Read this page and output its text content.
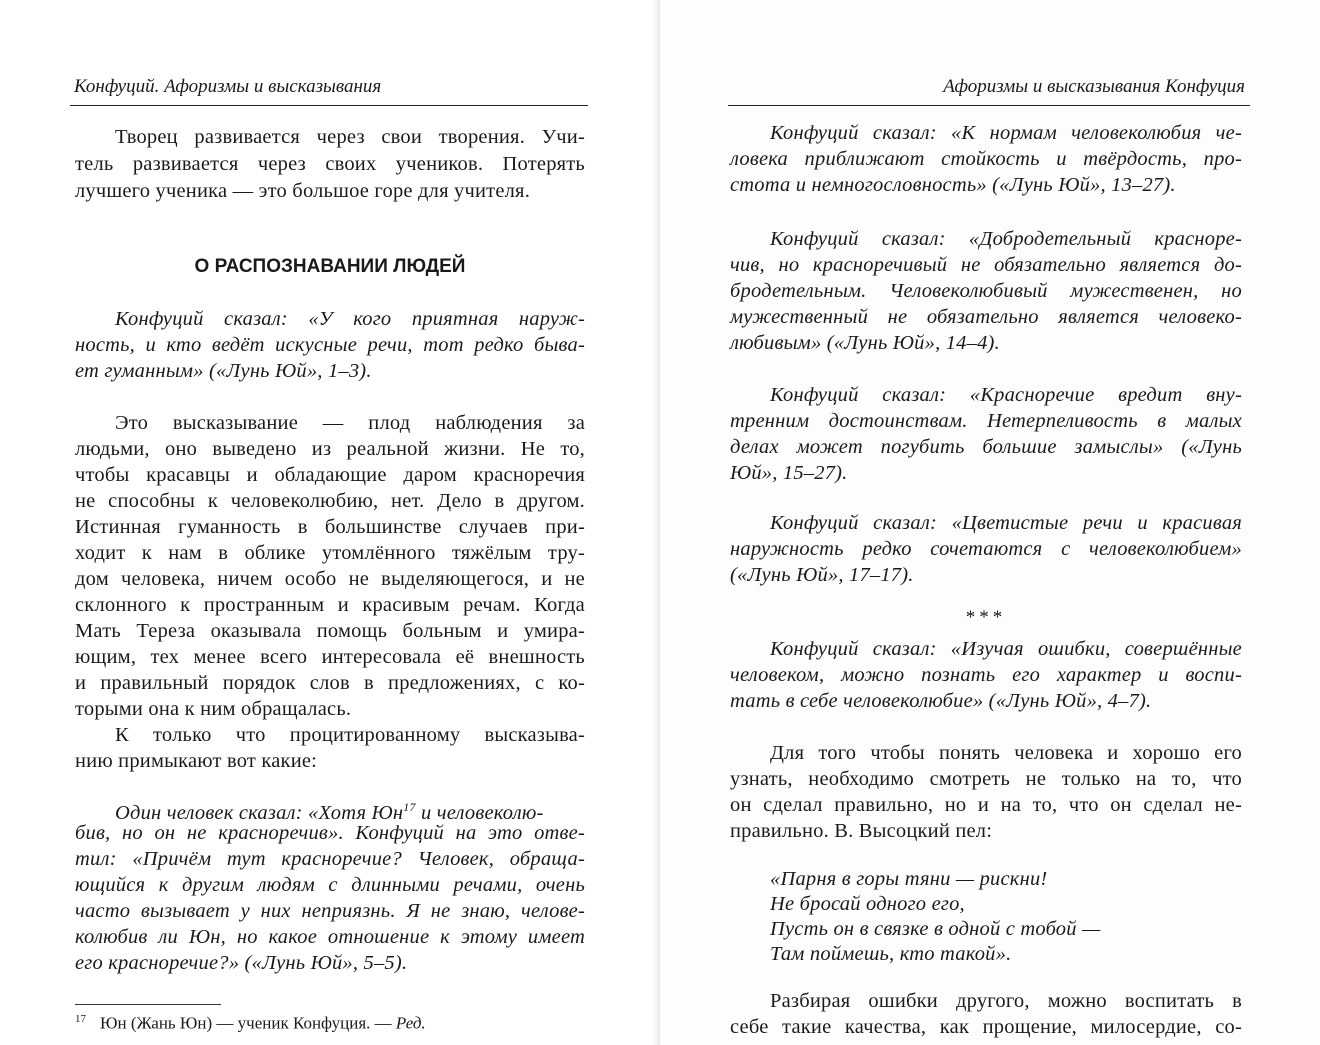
Конфуций. Афоризмы и высказывания
Творец развивается через свои творения. Учи-
тель развивается через своих учеников. Потерять
лучшего ученика — это большое горе для учителя.
О РАСПОЗНАВАНИИ ЛЮДЕЙ
Конфуций сказал: «У кого приятная наруж-
ность, и кто ведёт искусные речи, тот редко быва-
ет гуманным» («Лунь Юй», 1–3).
Это высказывание — плод наблюдения за
людьми, оно выведено из реальной жизни. Не то,
чтобы красавцы и обладающие даром красноречия
не способны к человеколюбию, нет. Дело в другом.
Истинная гуманность в большинстве случаев при-
ходит к нам в облике утомлённого тяжёлым тру-
дом человека, ничем особо не выделяющегося, и не
склонного к пространным и красивым речам. Когда
Мать Тереза оказывала помощь больным и умира-
ющим, тех менее всего интересовала её внешность
и правильный порядок слов в предложениях, с ко-
торыми она к ним обращалась.
К только что процитированному высказыва-
нию примыкают вот какие:
Один человек сказал: «Хотя $Юн^{17}$ и человеколю-
бив, но он не красноречив». Конфуций на это отве-
тил: «Причём тут красноречие? Человек, обраща-
ющийся к другим людям с длинными речами, очень
часто вызывает у них неприязнь. Я не знаю, челове-
колюбив ли Юн, но какое отношение к этому имеет
его красноречие?» («Лунь Юй», 5–5).
$^{17}$ Юн (Жань Юн) — ученик Конфуция. — Ред.
Афоризмы и высказывания Конфуция
Конфуций сказал: «К нормам человеколюбия че-
ловека приближают стойкость и твёрдость, про-
стота и немногословность» («Лунь Юй», 13–27).
Конфуций сказал: «Добродетельный красноре-
чив, но красноречивый не обязательно является до-
бродетельным. Человеколюбивый мужественен, но
мужественный не обязательно является человеко-
любивым» («Лунь Юй», 14–4).
Конфуций сказал: «Красноречие вредит вну-
тренним достоинствам. Нетерпеливость в малых
делах может погубить большие замыслы» («Лунь
Юй», 15–27).
Конфуций сказал: «Цветистые речи и красивая
наружность редко сочетаются с человеколюбием»
(«Лунь Юй», 17–17).
***
Конфуций сказал: «Изучая ошибки, совершённые
человеком, можно познать его характер и воспи-
тать в себе человеколюбие» («Лунь Юй», 4–7).
Для того чтобы понять человека и хорошо его
узнать, необходимо смотреть не только на то, что
он сделал правильно, но и на то, что он сделал не-
правильно. В. Высоцкий пел:
«Парня в горы тяни — рискни!
Не бросай одного его,
Пусть он в связке в одной с тобой —
Там поймешь, кто такой».
Разбирая ошибки другого, можно воспитать в
себе такие качества, как прощение, милосердие, со-
